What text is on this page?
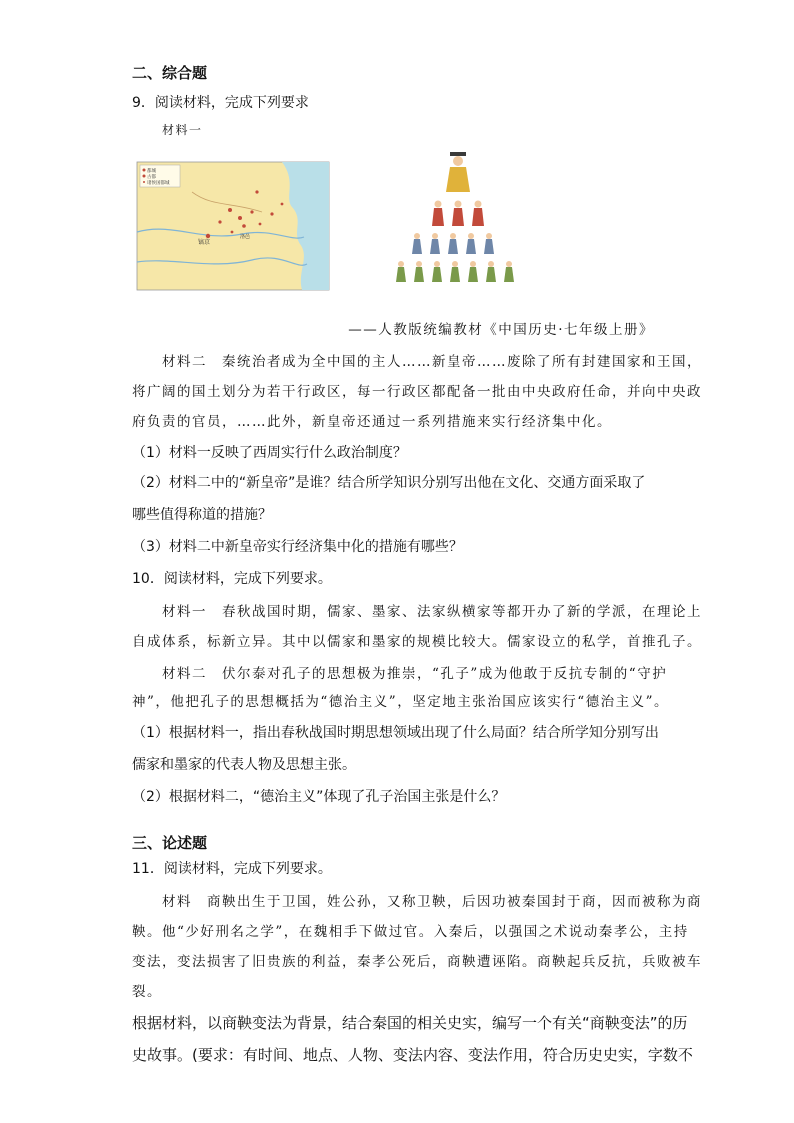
二、综合题
9．阅读材料，完成下列要求
材料一
都城
古都
诸侯国都城
镐京
洛邑
——人教版统编教材《中国历史·七年级上册》
材料二　秦统治者成为全中国的主人……新皇帝……废除了所有封建国家和王国，
将广阔的国土划分为若干行政区，每一行政区都配备一批由中央政府任命，并向中央政
府负责的官员，……此外，新皇帝还通过一系列措施来实行经济集中化。
（1）材料一反映了西周实行什么政治制度？
（2）材料二中的“新皇帝”是谁？结合所学知识分别写出他在文化、交通方面采取了
哪些值得称道的措施？
（3）材料二中新皇帝实行经济集中化的措施有哪些？
10．阅读材料，完成下列要求。
材料一　春秋战国时期，儒家、墨家、法家纵横家等都开办了新的学派，在理论上
自成体系，标新立异。其中以儒家和墨家的规模比较大。儒家设立的私学，首推孔子。
材料二　伏尔泰对孔子的思想极为推崇，“孔子”成为他敢于反抗专制的“守护
神”，他把孔子的思想概括为“德治主义”，坚定地主张治国应该实行“德治主义”。
（1）根据材料一，指出春秋战国时期思想领域出现了什么局面？结合所学知分别写出
儒家和墨家的代表人物及思想主张。
（2）根据材料二，“德治主义”体现了孔子治国主张是什么？
三、论述题
11．阅读材料，完成下列要求。
材料　商鞅出生于卫国，姓公孙，又称卫鞅，后因功被秦国封于商，因而被称为商
鞅。他“少好刑名之学”，在魏相手下做过官。入秦后，以强国之术说动秦孝公，主持
变法，变法损害了旧贵族的利益，秦孝公死后，商鞅遭诬陷。商鞅起兵反抗，兵败被车
裂。
根据材料，以商鞅变法为背景，结合秦国的相关史实，编写一个有关“商鞅变法”的历
史故事。(要求：有时间、地点、人物、变法内容、变法作用，符合历史史实，字数不
